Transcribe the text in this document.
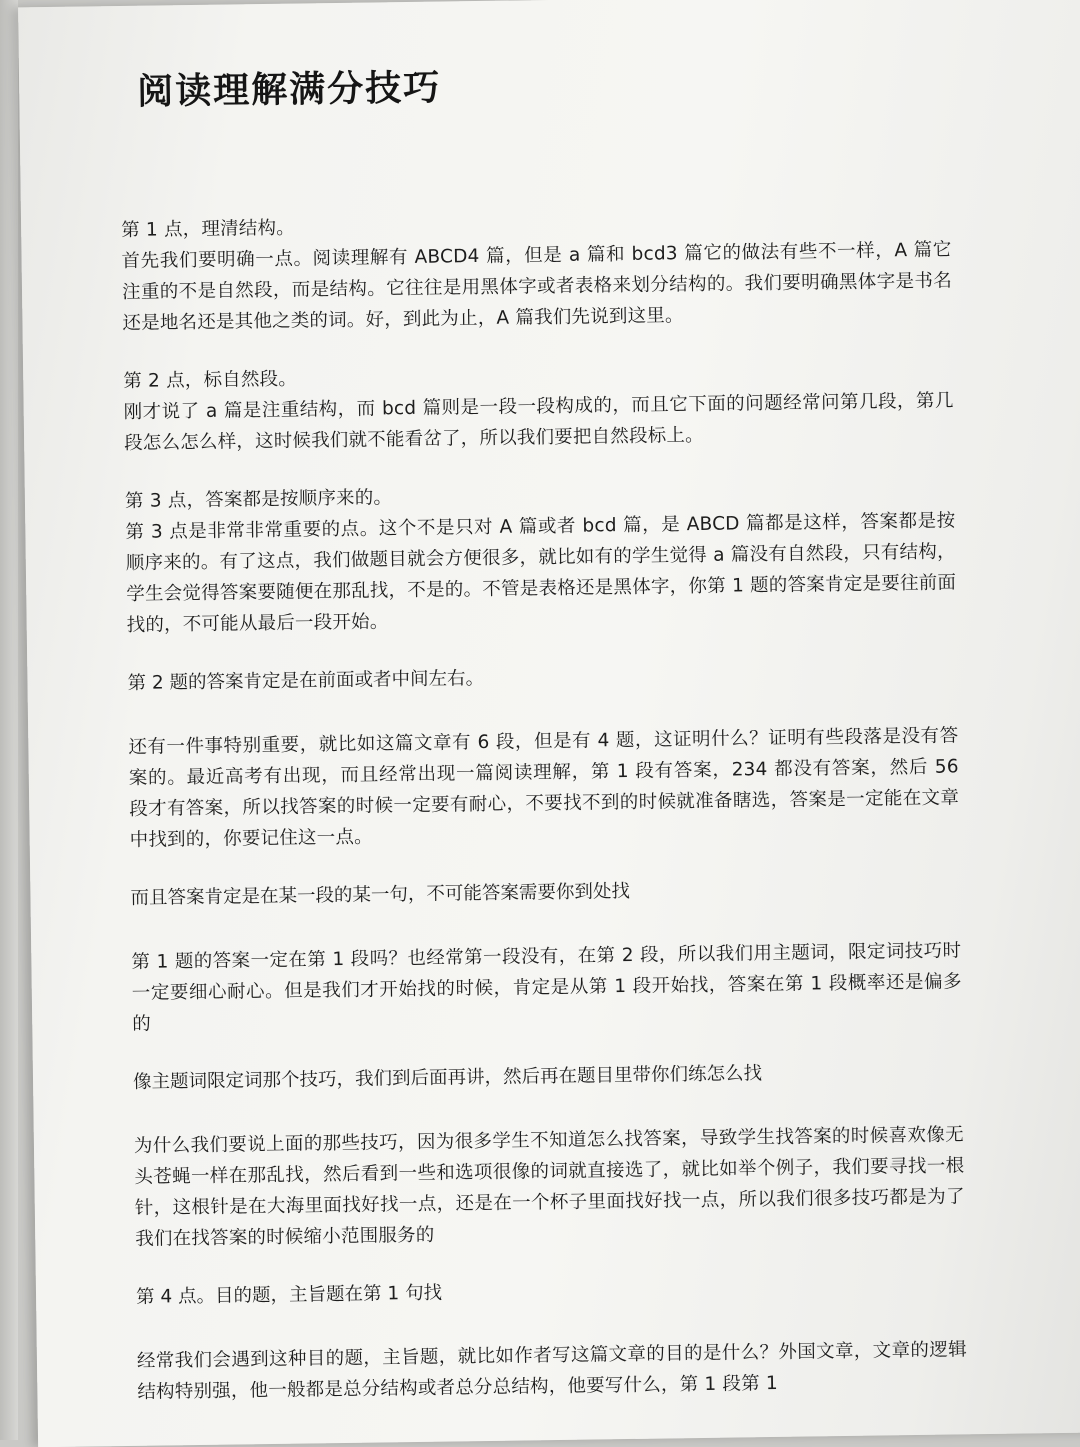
阅读理解满分技巧
第 1 点，理清结构。
首先我们要明确一点。阅读理解有 ABCD4 篇，但是 a 篇和 bcd3 篇它的做法有些不一样，A 篇它注重的不是自然段，而是结构。它往往是用黑体字或者表格来划分结构的。我们要明确黑体字是书名还是地名还是其他之类的词。好，到此为止，A 篇我们先说到这里。
第 2 点，标自然段。
刚才说了 a 篇是注重结构，而 bcd 篇则是一段一段构成的，而且它下面的问题经常问第几段，第几段怎么怎么样，这时候我们就不能看岔了，所以我们要把自然段标上。
第 3 点，答案都是按顺序来的。
第 3 点是非常非常重要的点。这个不是只对 A 篇或者 bcd 篇，是 ABCD 篇都是这样，答案都是按顺序来的。有了这点，我们做题目就会方便很多，就比如有的学生觉得 a 篇没有自然段，只有结构，学生会觉得答案要随便在那乱找，不是的。不管是表格还是黑体字，你第 1 题的答案肯定是要往前面找的，不可能从最后一段开始。
第 2 题的答案肯定是在前面或者中间左右。
还有一件事特别重要，就比如这篇文章有 6 段，但是有 4 题，这证明什么？证明有些段落是没有答案的。最近高考有出现，而且经常出现一篇阅读理解，第 1 段有答案，234 都没有答案，然后 56 段才有答案，所以找答案的时候一定要有耐心，不要找不到的时候就准备瞎选，答案是一定能在文章中找到的，你要记住这一点。
而且答案肯定是在某一段的某一句，不可能答案需要你到处找
第 1 题的答案一定在第 1 段吗？也经常第一段没有，在第 2 段，所以我们用主题词，限定词技巧时一定要细心耐心。但是我们才开始找的时候，肯定是从第 1 段开始找，答案在第 1 段概率还是偏多的
像主题词限定词那个技巧，我们到后面再讲，然后再在题目里带你们练怎么找
为什么我们要说上面的那些技巧，因为很多学生不知道怎么找答案，导致学生找答案的时候喜欢像无头苍蝇一样在那乱找，然后看到一些和选项很像的词就直接选了，就比如举个例子，我们要寻找一根针，这根针是在大海里面找好找一点，还是在一个杯子里面找好找一点，所以我们很多技巧都是为了我们在找答案的时候缩小范围服务的
第 4 点。目的题，主旨题在第 1 句找
经常我们会遇到这种目的题，主旨题，就比如作者写这篇文章的目的是什么？外国文章，文章的逻辑结构特别强，他一般都是总分结构或者总分总结构，他要写什么，第 1 段第 1
